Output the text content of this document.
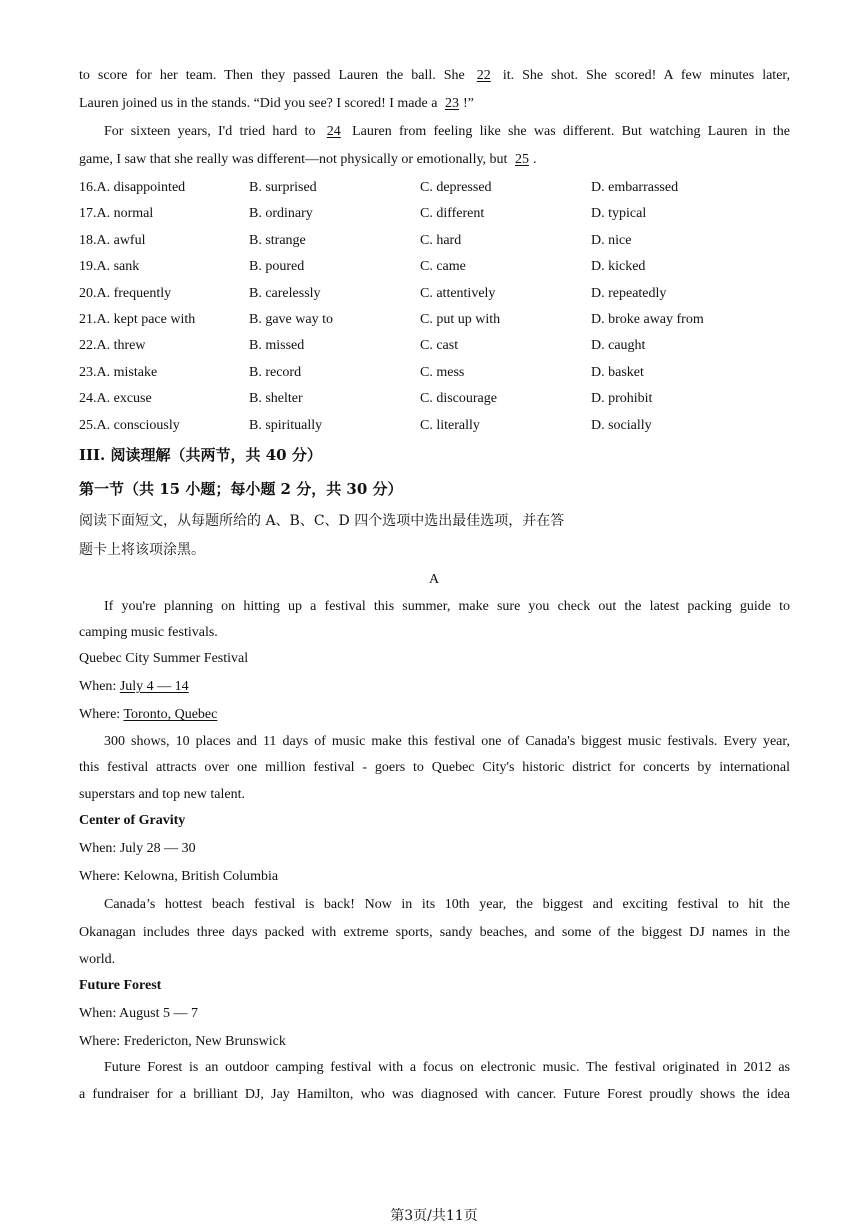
to score for her team. Then they passed Lauren the ball. She 22 it. She shot. She scored! A few minutes later,
Lauren joined us in the stands. “Did you see? I scored! I made a 23 !”
For sixteen years, I'd tried hard to 24 Lauren from feeling like she was different. But watching Lauren in the
game, I saw that she really was different—not physically or emotionally, but 25 .
16.A. disappointed	B. surprised	C. depressed	D. embarrassed
17.A. normal	B. ordinary	C. different	D. typical
18.A. awful	B. strange	C. hard	D. nice
19.A. sank	B. poured	C. came	D. kicked
20.A. frequently	B. carelessly	C. attentively	D. repeatedly
21.A. kept pace with	B. gave way to	C. put up with	D. broke away from
22.A. threw	B. missed	C. cast	D. caught
23.A. mistake	B. record	C. mess	D. basket
24.A. excuse	B. shelter	C. discourage	D. prohibit
25.A. consciously	B. spiritually	C. literally	D. socially
III. 阅读理解（共两节，共 40 分）
第一节（共 15 小题；每小题 2 分，共 30 分）
阅读下面短文，从每题所给的 A、B、C、D 四个选项中选出最佳选项，并在答
题卡上将该项涂黑。
A
If you're planning on hitting up a festival this summer, make sure you check out the latest packing guide to
camping music festivals.
Quebec City Summer Festival
When: July 4 — 14
Where: Toronto, Quebec
300 shows, 10 places and 11 days of music make this festival one of Canada's biggest music festivals. Every year,
this festival attracts over one million festival - goers to Quebec City's historic district for concerts by international
superstars and top new talent.
Center of Gravity
When: July 28 — 30
Where: Kelowna, British Columbia
Canada’s hottest beach festival is back! Now in its 10th year, the biggest and exciting festival to hit the
Okanagan includes three days packed with extreme sports, sandy beaches, and some of the biggest DJ names in the
world.
Future Forest
When: August 5 — 7
Where: Fredericton, New Brunswick
Future Forest is an outdoor camping festival with a focus on electronic music. The festival originated in 2012 as
a fundraiser for a brilliant DJ, Jay Hamilton, who was diagnosed with cancer. Future Forest proudly shows the idea
第3页/共11页
